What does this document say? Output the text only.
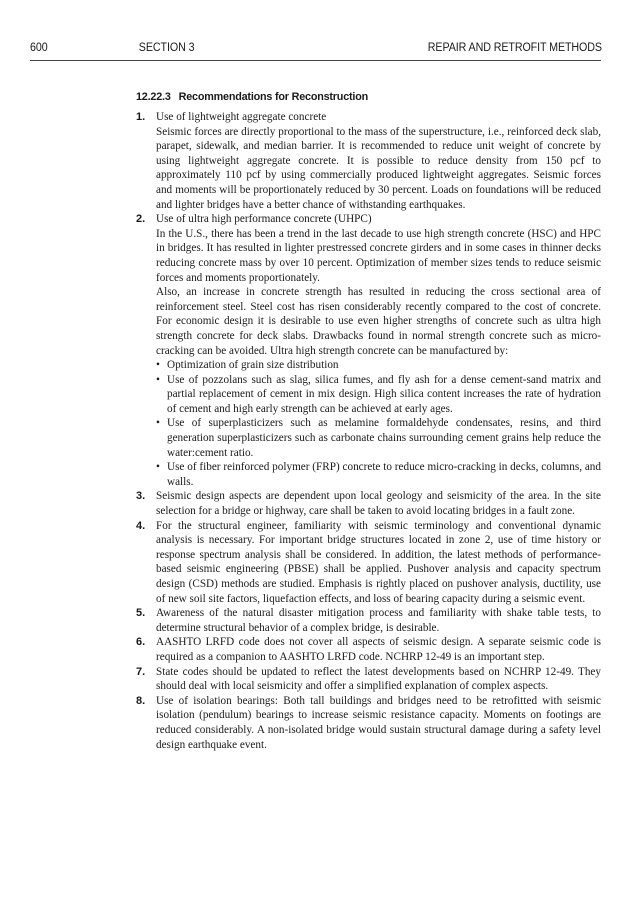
600	SECTION 3	REPAIR AND RETROFIT METHODS
12.22.3 Recommendations for Reconstruction
1. Use of lightweight aggregate concrete

Seismic forces are directly proportional to the mass of the superstructure, i.e., reinforced deck slab, parapet, sidewalk, and median barrier. It is recommended to reduce unit weight of concrete by using lightweight aggregate concrete. It is possible to reduce density from 150 pcf to approximately 110 pcf by using commercially produced lightweight aggregates. Seismic forces and moments will be proportionately reduced by 30 percent. Loads on foundations will be reduced and lighter bridges have a better chance of withstanding earthquakes.

2. Use of ultra high performance concrete (UHPC)

In the U.S., there has been a trend in the last decade to use high strength concrete (HSC) and HPC in bridges. It has resulted in lighter prestressed concrete girders and in some cases in thinner decks reducing concrete mass by over 10 percent. Optimization of member sizes tends to reduce seismic forces and moments proportionately.

Also, an increase in concrete strength has resulted in reducing the cross sectional area of reinforcement steel. Steel cost has risen considerably recently compared to the cost of concrete. For economic design it is desirable to use even higher strengths of concrete such as ultra high strength concrete for deck slabs. Drawbacks found in normal strength concrete such as micro-cracking can be avoided. Ultra high strength concrete can be manufactured by:

• Optimization of grain size distribution
• Use of pozzolans such as slag, silica fumes, and fly ash for a dense cement-sand matrix and partial replacement of cement in mix design. High silica content increases the rate of hydration of cement and high early strength can be achieved at early ages.
• Use of superplasticizers such as melamine formaldehyde condensates, resins, and third generation superplasticizers such as carbonate chains surrounding cement grains help reduce the water:cement ratio.
• Use of fiber reinforced polymer (FRP) concrete to reduce micro-cracking in decks, columns, and walls.
3. Seismic design aspects are dependent upon local geology and seismicity of the area. In the site selection for a bridge or highway, care shall be taken to avoid locating bridges in a fault zone.

4. For the structural engineer, familiarity with seismic terminology and conventional dynamic analysis is necessary. For important bridge structures located in zone 2, use of time history or response spectrum analysis shall be considered. In addition, the latest methods of performance-based seismic engineering (PBSE) shall be applied. Pushover analysis and capacity spectrum design (CSD) methods are studied. Emphasis is rightly placed on pushover analysis, ductility, use of new soil site factors, liquefaction effects, and loss of bearing capacity during a seismic event.

5. Awareness of the natural disaster mitigation process and familiarity with shake table tests, to determine structural behavior of a complex bridge, is desirable.

6. AASHTO LRFD code does not cover all aspects of seismic design. A separate seismic code is required as a companion to AASHTO LRFD code. NCHRP 12-49 is an important step.

7. State codes should be updated to reflect the latest developments based on NCHRP 12-49. They should deal with local seismicity and offer a simplified explanation of complex aspects.

8. Use of isolation bearings: Both tall buildings and bridges need to be retrofitted with seismic isolation (pendulum) bearings to increase seismic resistance capacity. Moments on footings are reduced considerably. A non-isolated bridge would sustain structural damage during a safety level design earthquake event.
